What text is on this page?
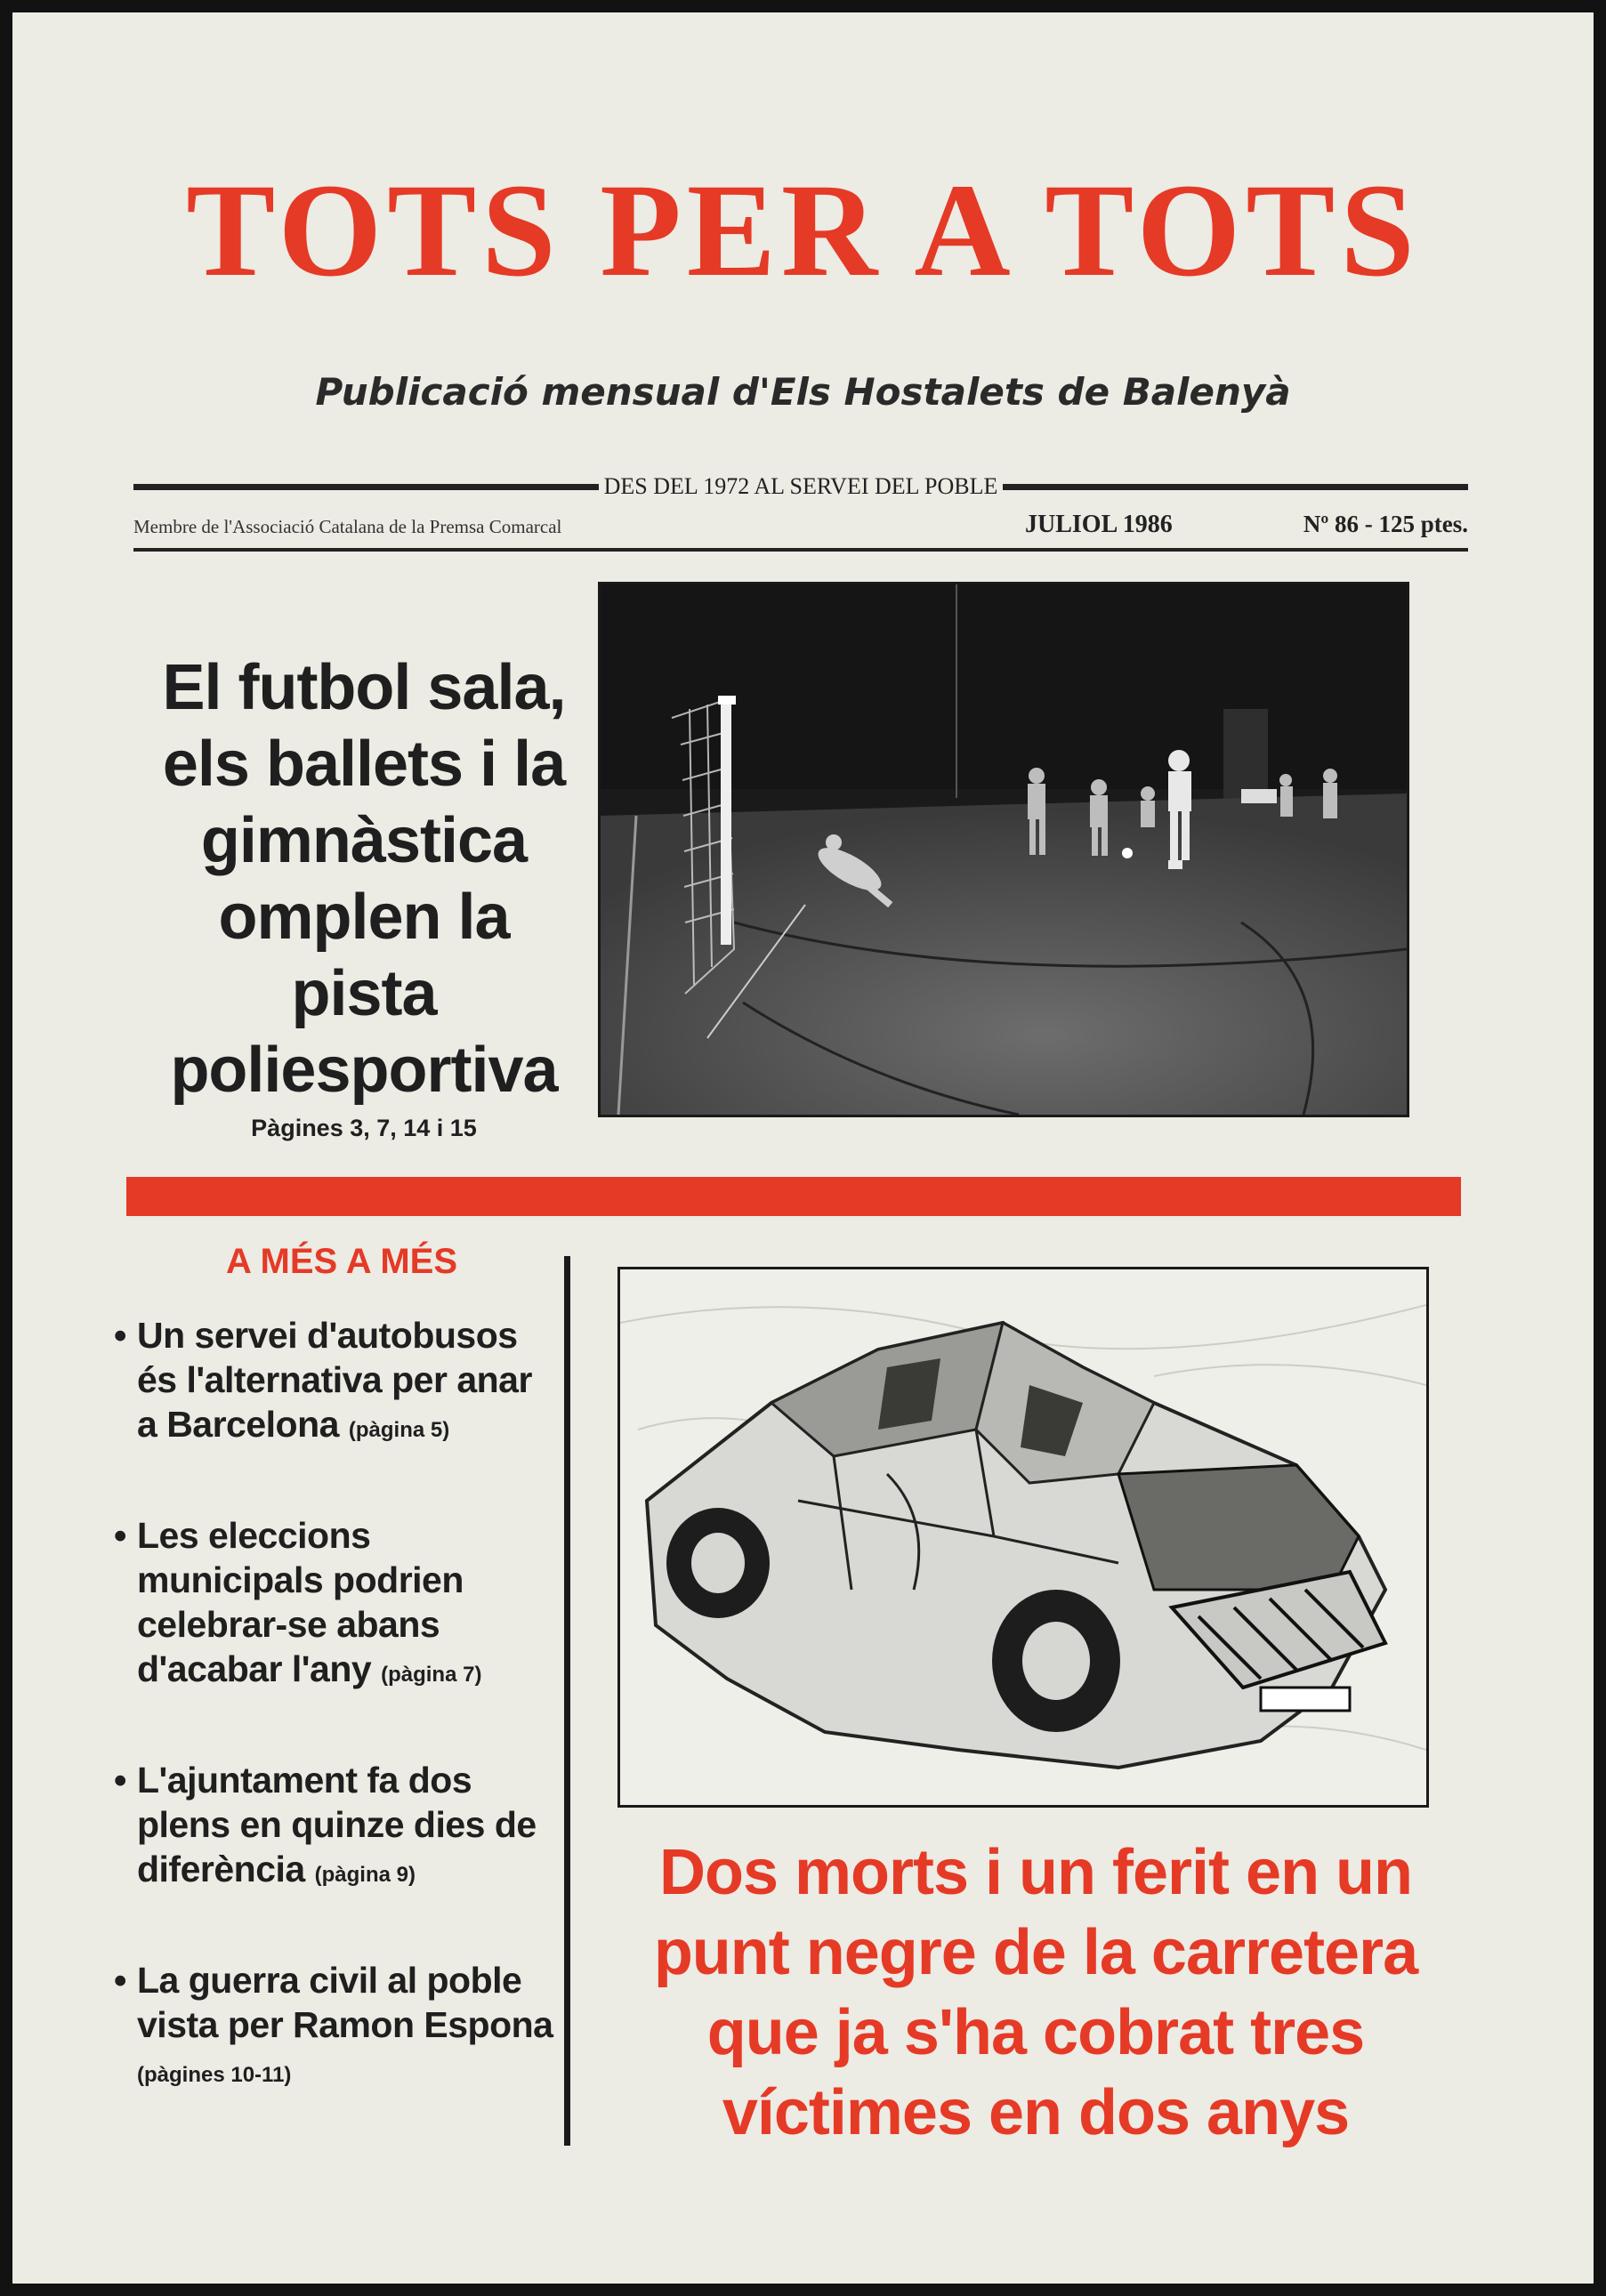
TOTS PER A TOTS
Publicació mensual d'Els Hostalets de Balenyà
DES DEL 1972 AL SERVEI DEL POBLE
Membre de l'Associació Catalana de la Premsa Comarcal	JULIOL 1986	Nº 86 - 125 ptes.
El futbol sala,
els ballets i la
gimnàstica
omplen la
pista
poliesportiva
Pàgines 3, 7, 14 i 15
A MÉS A MÉS
• Un servei d'autobusos és l'alternativa per anar a Barcelona (pàgina 5)
• Les eleccions municipals podrien celebrar-se abans d'acabar l'any (pàgina 7)
• L'ajuntament fa dos plens en quinze dies de diferència (pàgina 9)
• La guerra civil al poble vista per Ramon Espona (pàgines 10-11)
Dos morts i un ferit en un
punt negre de la carretera
que ja s'ha cobrat tres
víctimes en dos anys
